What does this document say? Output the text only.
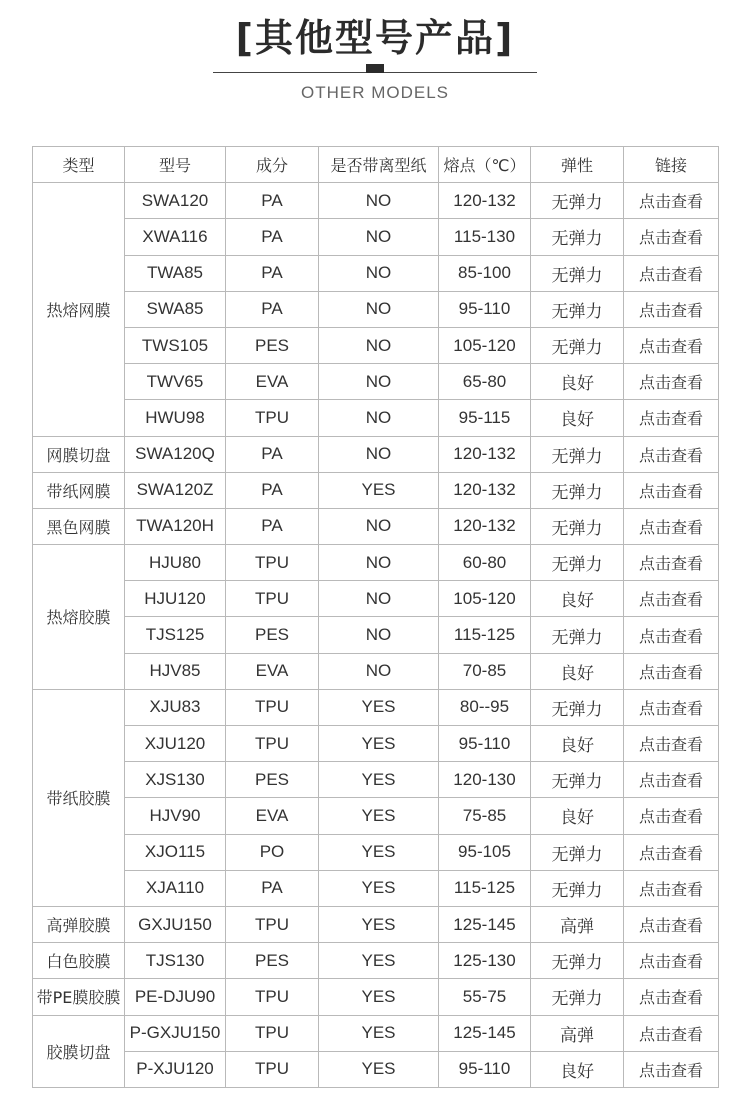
[其他型号产品]
OTHER MODELS
类型	型号	成分	是否带离型纸	熔点（℃）	弹性	链接
热熔网膜	SWA120	PA	NO	120-132	无弹力	点击查看
	XWA116	PA	NO	115-130	无弹力	点击查看
	TWA85	PA	NO	85-100	无弹力	点击查看
	SWA85	PA	NO	95-110	无弹力	点击查看
	TWS105	PES	NO	105-120	无弹力	点击查看
	TWV65	EVA	NO	65-80	良好	点击查看
	HWU98	TPU	NO	95-115	良好	点击查看
网膜切盘	SWA120Q	PA	NO	120-132	无弹力	点击查看
带纸网膜	SWA120Z	PA	YES	120-132	无弹力	点击查看
黑色网膜	TWA120H	PA	NO	120-132	无弹力	点击查看
热熔胶膜	HJU80	TPU	NO	60-80	无弹力	点击查看
	HJU120	TPU	NO	105-120	良好	点击查看
	TJS125	PES	NO	115-125	无弹力	点击查看
	HJV85	EVA	NO	70-85	良好	点击查看
带纸胶膜	XJU83	TPU	YES	80--95	无弹力	点击查看
	XJU120	TPU	YES	95-110	良好	点击查看
	XJS130	PES	YES	120-130	无弹力	点击查看
	HJV90	EVA	YES	75-85	良好	点击查看
	XJO115	PO	YES	95-105	无弹力	点击查看
	XJA110	PA	YES	115-125	无弹力	点击查看
高弹胶膜	GXJU150	TPU	YES	125-145	高弹	点击查看
白色胶膜	TJS130	PES	YES	125-130	无弹力	点击查看
带PE膜胶膜	PE-DJU90	TPU	YES	55-75	无弹力	点击查看
胶膜切盘	P-GXJU150	TPU	YES	125-145	高弹	点击查看
	P-XJU120	TPU	YES	95-110	良好	点击查看
